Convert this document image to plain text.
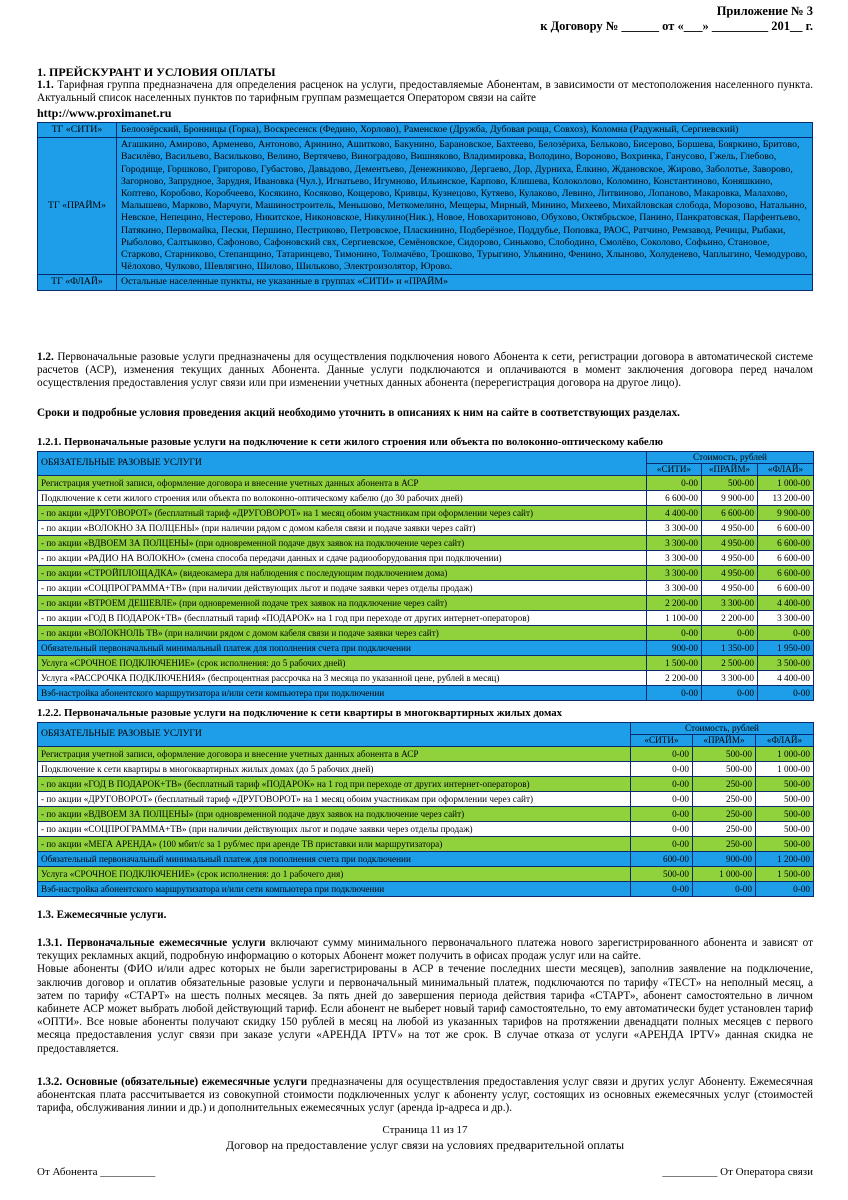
Приложение № 3
к Договору № ______ от «___» _________ 201__ г.
1. ПРЕЙСКУРАНТ И УСЛОВИЯ ОПЛАТЫ
1.1. Тарифная группа предназначена для определения расценок на услуги, предоставляемые Абонентам, в зависимости от местоположения населенного пункта. Актуальный список населенных пунктов по тарифным группам размещается Оператором связи на сайте
http://www.proximanet.ru
ТГ «СИТИ»	Белоозёрский, Бронницы (Горка), Воскресенск (Федино, Хорлово), Раменское (Дружба, Дубовая роща, Совхоз), Коломна (Радужный, Сергиевский)
ТГ «ПРАЙМ»	Агашкино, Амирово, Арменево, Антоново, Аринино, Ашитково, Бакунино, Барановское, Бахтеево, Белозёриха, Бельково, Бисерово, Боршева, Бояркино, Бритово, Василёво, Васильево, Васильково, Велино, Вертячево, Виноградово, Вишняково, Владимировка, Володино, Вороново, Вохринка, Ганусово, Гжель, Глебово, Городище, Горшково, Григорово, Губастово, Давыдово, Дементьево, Денежниково, Дергаево, Дор, Дурниха, Ёлкино, Ждановское, Жирово, Заболотье, Заворово, Загорново, Запрудное, Зарудня, Ивановка (Чул.), Игнатьево, Игумново, Ильинское, Карпово, Клишева, Колоколово, Коломино, Константиново, Коняшкино, Коптево, Коробово, Коробчеево, Косякино, Косяково, Кощерово, Кривцы, Кузнецово, Кутяево, Кулаково, Левино, Литвиново, Лопаново, Макаровка, Малахово, Малышево, Марково, Марчуги, Машиностроитель, Меньшово, Меткомелино, Мещеры, Мирный, Минино, Михеево, Михайловская слобода, Морозово, Натальино, Невское, Непецино, Нестерово, Никитское, Никоновское, Никулино(Ник.), Новое, Новохаритоново, Обухово, Октябрьское, Панино, Панкратовская, Парфентьево, Патякино, Первомайка, Пески, Першино, Пестриково, Петровское, Пласкинино, Подберёзное, Поддубье, Поповка, РАОС, Ратчино, Ремзавод, Речицы, Рыбаки, Рыболово, Салтыково, Сафоново, Сафоновский свх, Сергиевское, Семёновское, Сидорово, Синьково, Слободино, Смолёво, Соколово, Софьино, Становое, Старково, Старниково, Степанщино, Татаринцево, Тимонино, Толмачёво, Трошково, Турыгино, Ульянино, Фенино, Хлыново, Холуденево, Чаплыгино, Чемодурово, Чёлохово, Чулково, Шевлягино, Шилово, Шильково, Электроизолятор, Юрово.
ТГ «ФЛАЙ»	Остальные населенные пункты, не указанные в группах «СИТИ» и «ПРАЙМ»
1.2. Первоначальные разовые услуги предназначены для осуществления подключения нового Абонента к сети, регистрации договора в автоматической системе расчетов (АСР), изменения текущих данных Абонента. Данные услуги подключаются и оплачиваются в момент заключения договора перед началом осуществления предоставления услуг связи или при изменении учетных данных абонента (перерегистрация договора на другое лицо).
Сроки и подробные условия проведения акций необходимо уточнить в описаниях к ним на сайте в соответствующих разделах.
1.2.1. Первоначальные разовые услуги на подключение к сети жилого строения или объекта по волоконно-оптическому кабелю
ОБЯЗАТЕЛЬНЫЕ РАЗОВЫЕ УСЛУГИ	Стоимость, рублей		
	«СИТИ»	«ПРАЙМ»	«ФЛАЙ»
Регистрация учетной записи, оформление договора и внесение учетных данных абонента в АСР	0-00	500-00	1 000-00
Подключение к сети жилого строения или объекта по волоконно-оптическому кабелю (до 30 рабочих дней)	6 600-00	9 900-00	13 200-00
- по акции «ДРУГОВОРОТ» (бесплатный тариф «ДРУГОВОРОТ» на 1 месяц обоим участникам при оформлении через сайт)	4 400-00	6 600-00	9 900-00
- по акции «ВОЛОКНО ЗА ПОЛЦЕНЫ» (при наличии рядом с домом кабеля связи и подаче заявки через сайт)	3 300-00	4 950-00	6 600-00
- по акции «ВДВОЕМ ЗА ПОЛЦЕНЫ» (при одновременной подаче двух заявок на подключение через сайт)	3 300-00	4 950-00	6 600-00
- по акции «РАДИО НА ВОЛОКНО» (смена способа передачи данных и сдаче радиооборудования при подключении)	3 300-00	4 950-00	6 600-00
- по акции «СТРОЙПЛОЩАДКА» (видеокамера для наблюдения с последующим подключением дома)	3 300-00	4 950-00	6 600-00
- по акции «СОЦПРОГРАММА+ТВ» (при наличии действующих льгот и подаче заявки через отделы продаж)	3 300-00	4 950-00	6 600-00
- по акции «ВТРОЕМ ДЕШЕВЛЕ» (при одновременной подаче трех заявок на подключение через сайт)	2 200-00	3 300-00	4 400-00
- по акции «ГОД В ПОДАРОК+ТВ» (бесплатный тариф «ПОДАРОК» на 1 год при переходе от других интернет-операторов)	1 100-00	2 200-00	3 300-00
- по акции «ВОЛОКНОЛЬ ТВ» (при наличии рядом с домом кабеля связи и подаче заявки через сайт)	0-00	0-00	0-00
Обязательный первоначальный минимальный платеж для пополнения счета при подключении	900-00	1 350-00	1 950-00
Услуга «СРОЧНОЕ ПОДКЛЮЧЕНИЕ» (срок исполнения: до 5 рабочих дней)	1 500-00	2 500-00	3 500-00
Услуга «РАССРОЧКА ПОДКЛЮЧЕНИЯ» (беспроцентная рассрочка на 3 месяца по указанной цене, рублей в месяц)	2 200-00	3 300-00	4 400-00
Вэб-настройка абонентского маршрутизатора и/или сети компьютера при подключении	0-00	0-00	0-00
1.2.2. Первоначальные разовые услуги на подключение к сети квартиры в многоквартирных жилых домах
ОБЯЗАТЕЛЬНЫЕ РАЗОВЫЕ УСЛУГИ	Стоимость, рублей		
	«СИТИ»	«ПРАЙМ»	«ФЛАЙ»
Регистрация учетной записи, оформление договора и внесение учетных данных абонента в АСР	0-00	500-00	1 000-00
Подключение к сети квартиры в многоквартирных жилых домах (до 5 рабочих дней)	0-00	500-00	1 000-00
- по акции «ГОД В ПОДАРОК+ТВ» (бесплатный тариф «ПОДАРОК» на 1 год при переходе от других интернет-операторов)	0-00	250-00	500-00
- по акции «ДРУГОВОРОТ» (бесплатный тариф «ДРУГОВОРОТ» на 1 месяц обоим участникам при оформлении через сайт)	0-00	250-00	500-00
- по акции «ВДВОЕМ ЗА ПОЛЦЕНЫ» (при одновременной подаче двух заявок на подключение через сайт)	0-00	250-00	500-00
- по акции «СОЦПРОГРАММА+ТВ» (при наличии действующих льгот и подаче заявки через отделы продаж)	0-00	250-00	500-00
- по акции «МЕГА АРЕНДА» (100 мбит/с за 1 руб/мес при аренде ТВ приставки или маршрутизатора)	0-00	250-00	500-00
Обязательный первоначальный минимальный платеж для пополнения счета при подключении	600-00	900-00	1 200-00
Услуга «СРОЧНОЕ ПОДКЛЮЧЕНИЕ» (срок исполнения: до 1 рабочего дня)	500-00	1 000-00	1 500-00
Вэб-настройка абонентского маршрутизатора и/или сети компьютера при подключении	0-00	0-00	0-00
1.3. Ежемесячные услуги.
1.3.1. Первоначальные ежемесячные услуги включают сумму минимального первоначального платежа нового зарегистрированного абонента и зависят от текущих рекламных акций, подробную информацию о которых Абонент может получить в офисах продаж услуг или на сайте.
Новые абоненты (ФИО и/или адрес которых не были зарегистрированы в АСР в течение последних шести месяцев), заполнив заявление на подключение, заключив договор и оплатив обязательные разовые услуги и первоначальный минимальный платеж, подключаются по тарифу «ТЕСТ» на неполный месяц, а затем по тарифу «СТАРТ» на шесть полных месяцев. За пять дней до завершения периода действия тарифа «СТАРТ», абонент самостоятельно в личном кабинете АСР может выбрать любой действующий тариф. Если абонент не выберет новый тариф самостоятельно, то ему автоматически будет установлен тариф «ОПТИ». Все новые абоненты получают скидку 150 рублей в месяц на любой из указанных тарифов на протяжении двенадцати полных месяцев с первого месяца предоставления услуг связи при заказе услуги «АРЕНДА IPTV» на тот же срок. В случае отказа от услуги «АРЕНДА IPTV» данная скидка не предоставляется.
1.3.2. Основные (обязательные) ежемесячные услуги предназначены для осуществления предоставления услуг связи и других услуг Абоненту. Ежемесячная абонентская плата рассчитывается из совокупной стоимости подключенных услуг к абоненту услуг, состоящих из основных ежемесячных услуг (стоимостей тарифа, обслуживания линии и др.) и дополнительных ежемесячных услуг (аренда ip-адреса и др.).
Страница 11 из 17
Договор на предоставление услуг связи на условиях предварительной оплаты
От Абонента __________	__________ От Оператора связи
